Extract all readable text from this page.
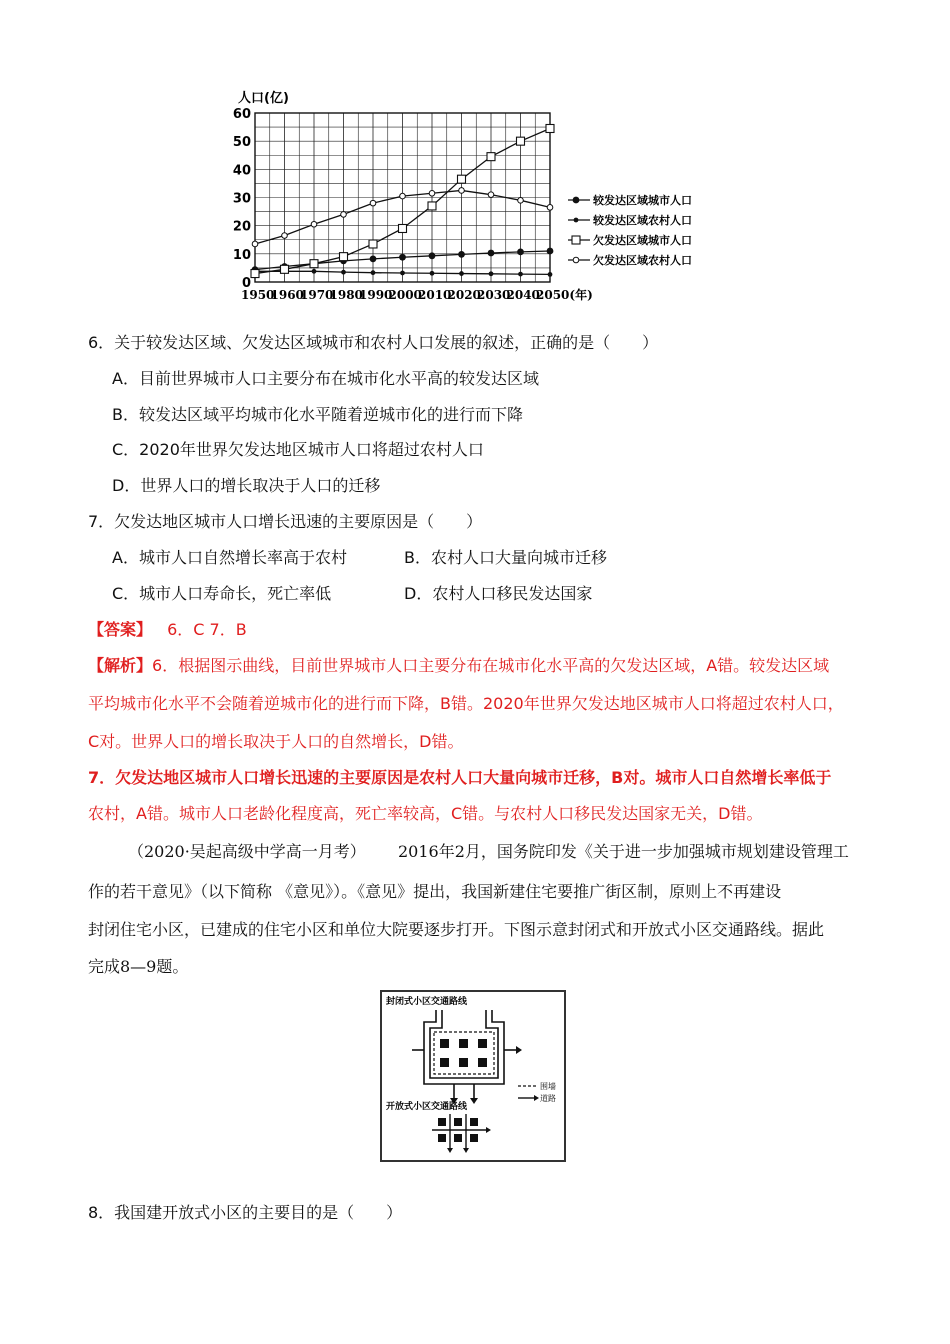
人口(亿)
0
10
20
30
40
50
60
1950
1960
1970
1980
1990
2000
2010
2020
2030
2040
2050(年)
较发达区域城市人口
较发达区域农村人口
欠发达区域城市人口
欠发达区域农村人口
6．关于较发达区域、欠发达区域城市和农村人口发展的叙述，正确的是（　　）
A．目前世界城市人口主要分布在城市化水平高的较发达区域
B．较发达区域平均城市化水平随着逆城市化的进行而下降
C．2020年世界欠发达地区城市人口将超过农村人口
D．世界人口的增长取决于人口的迁移
7．欠发达地区城市人口增长迅速的主要原因是（　　）
A．城市人口自然增长率高于农村	B．农村人口大量向城市迁移
C．城市人口寿命长，死亡率低	D．农村人口移民发达国家
【答案】 6．C 7．B
【解析】6．根据图示曲线，目前世界城市人口主要分布在城市化水平高的欠发达区域，A错。较发达区域
平均城市化水平不会随着逆城市化的进行而下降，B错。2020年世界欠发达地区城市人口将超过农村人口，
C对。世界人口的增长取决于人口的自然增长，D错。
7．欠发达地区城市人口增长迅速的主要原因是农村人口大量向城市迁移，B对。城市人口自然增长率低于
农村，A错。城市人口老龄化程度高，死亡率较高，C错。与农村人口移民发达国家无关，D错。
（2020·吴起高级中学高一月考） 2016年2月，国务院印发《关于进一步加强城市规划建设管理工
作的若干意见》（以下简称 《意见》）。《意见》提出，我国新建住宅要推广街区制，原则上不再建设
封闭住宅小区，已建成的住宅小区和单位大院要逐步打开。下图示意封闭式和开放式小区交通路线。据此
完成8—9题。
封闭式小区交通路线
围墙
道路
开放式小区交通路线
8．我国建开放式小区的主要目的是（　　）
